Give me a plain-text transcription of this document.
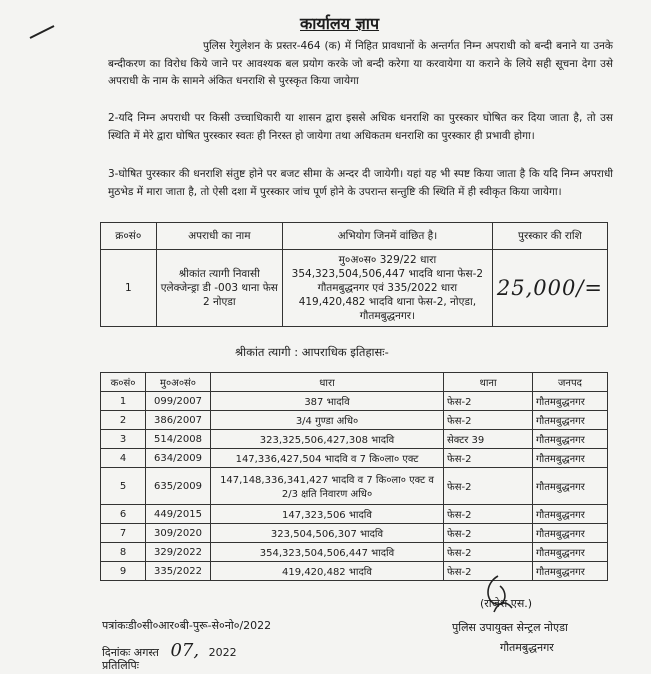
कार्यालय ज्ञाप
पुलिस रेगुलेशन के प्रस्तर-464 (क) में निहित प्रावधानों के अन्तर्गत निम्न अपराधी को बन्दी बनाने या उनके बन्दीकरण का विरोध किये जाने पर आवश्यक बल प्रयोग करके जो बन्दी करेगा या करवायेगा या कराने के लिये सही सूचना देगा उसे अपराधी के नाम के सामने अंकित धनराशि से पुरस्कृत किया जायेगा
2-यदि निम्न अपराधी पर किसी उच्चाधिकारी या शासन द्वारा इससे अधिक धनराशि का पुरस्कार घोषित कर दिया जाता है, तो उस स्थिति में मेरे द्वारा घोषित पुरस्कार स्वतः ही निरस्त हो जायेगा तथा अधिकतम धनराशि का पुरस्कार ही प्रभावी होगा।
3-घोषित पुरस्कार की धनराशि संतुष्ट होने पर बजट सीमा के अन्दर दी जायेगी। यहां यह भी स्पष्ट किया जाता है कि यदि निम्न अपराधी मुठभेड में मारा जाता है, तो ऐसी दशा में पुरस्कार जांच पूर्ण होने के उपरान्त सन्तुष्टि की स्थिति में ही स्वीकृत किया जायेगा।
क्र०सं०	अपराधी का नाम	अभियोग जिनमें वांछित है।	पुरस्कार की राशि
1	श्रीकांत त्यागी निवासी एलेक्जेन्ड्रा डी -003 थाना फेस 2 नोएडा	मु०अ०स० 329/22 धारा 354,323,504,506,447 भादवि थाना फेस-2 गौतमबुद्धनगर एवं 335/2022 धारा 419,420,482 भादवि थाना फेस-2, नोएडा, गौतमबुद्धनगर।	25,000/=
श्रीकांत त्यागी : आपराधिक इतिहासः-
क०सं०	मु०अ०सं०	धारा	थाना	जनपद
1	099/2007	387 भादवि	फेस-2	गौतमबुद्धनगर
2	386/2007	3/4 गुण्डा अधि०	फेस-2	गौतमबुद्धनगर
3	514/2008	323,325,506,427,308 भादवि	सेक्टर 39	गौतमबुद्धनगर
4	634/2009	147,336,427,504 भादवि व 7 कि०ला० एक्ट	फेस-2	गौतमबुद्धनगर
5	635/2009	147,148,336,341,427 भादवि व 7 कि०ला० एक्ट व 2/3 क्षति निवारण अधि०	फेस-2	गौतमबुद्धनगर
6	449/2015	147,323,506 भादवि	फेस-2	गौतमबुद्धनगर
7	309/2020	323,504,506,307 भादवि	फेस-2	गौतमबुद्धनगर
8	329/2022	354,323,504,506,447 भादवि	फेस-2	गौतमबुद्धनगर
9	335/2022	419,420,482 भादवि	फेस-2	गौतमबुद्धनगर
पत्रांकःडी०सी०आर०बी-पुरू-से०नो०/2022
दिनांकः अगस्त 07, 2022
प्रतिलिपिः
(राजेश एस.)
पुलिस उपायुक्त सेन्ट्रल नोएडा
गौतमबुद्धनगर
